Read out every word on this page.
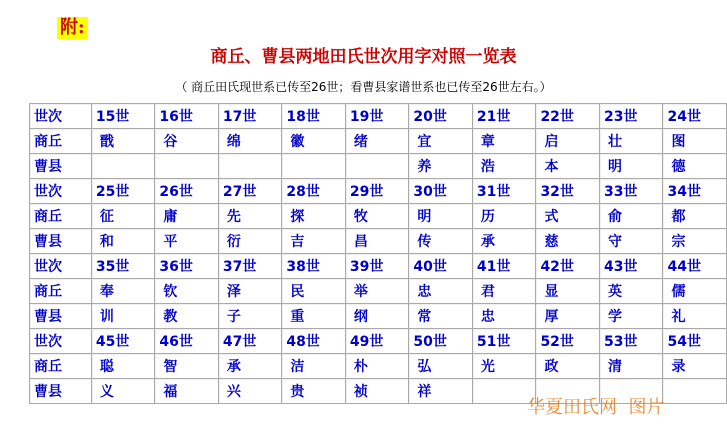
附:
商丘、曹县两地田氏世次用字对照一览表
（ 商丘田氏现世系已传至26世；看曹县家谱世系也已传至26世左右。）
世次	15世	16世	17世	18世	19世	20世	21世	22世	23世	24世
商丘	戬	谷	绵	徽	绪	宜	章	启	壮	图
曹县						养	浩	本	明	德
世次	25世	26世	27世	28世	29世	30世	31世	32世	33世	34世
商丘	征	庸	先	探	牧	明	历	式	俞	都
曹县	和	平	衍	吉	昌	传	承	慈	守	宗
世次	35世	36世	37世	38世	39世	40世	41世	42世	43世	44世
商丘	奉	钦	泽	民	举	忠	君	显	英	儒
曹县	训	教	子	重	纲	常	忠	厚	学	礼
世次	45世	46世	47世	48世	49世	50世	51世	52世	53世	54世
商丘	聪	智	承	洁	朴	弘	光	政	清	录
曹县	义	福	兴	贵	祯	祥				
华夏田氏网  图片
